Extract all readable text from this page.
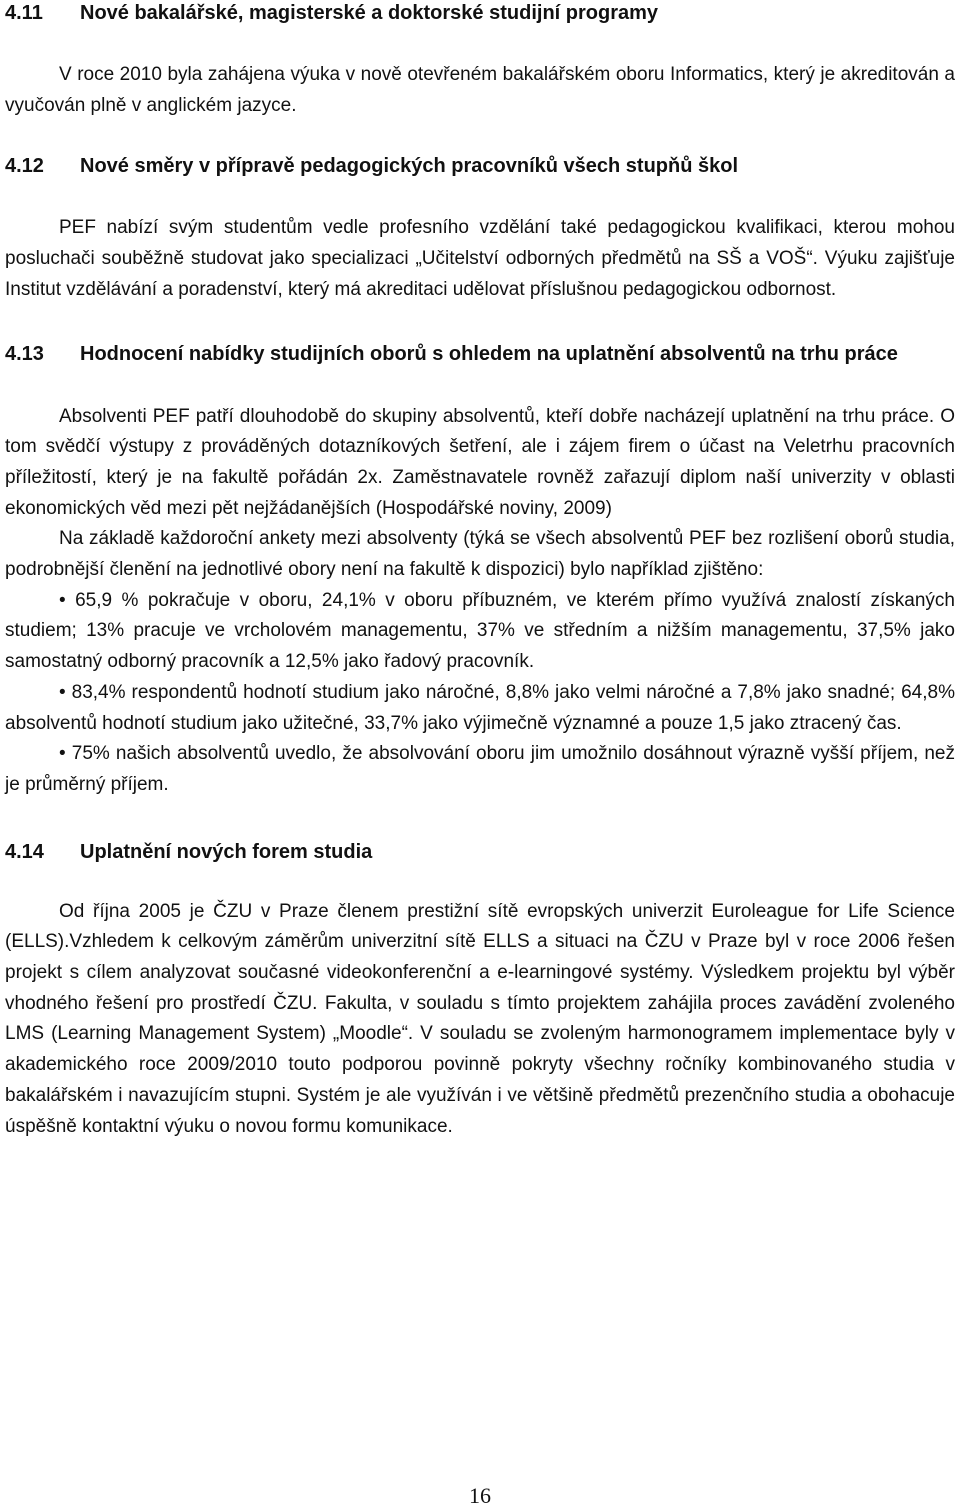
4.11 Nové bakalářské, magisterské a doktorské studijní programy

V roce 2010 byla zahájena výuka v nově otevřeném bakalářském oboru Informatics, který je akreditován a vyučován plně v anglickém jazyce.

4.12 Nové směry v přípravě pedagogických pracovníků všech stupňů škol

PEF nabízí svým studentům vedle profesního vzdělání také pedagogickou kvalifikaci, kterou mohou posluchači souběžně studovat jako specializaci „Učitelství odborných předmětů na SŠ a VOŠ“. Výuku zajišťuje Institut vzdělávání a poradenství, který má akreditaci udělovat příslušnou pedagogickou odbornost.

4.13 Hodnocení nabídky studijních oborů s ohledem na uplatnění absolventů na trhu práce

Absolventi PEF patří dlouhodobě do skupiny absolventů, kteří dobře nacházejí uplatnění na trhu práce. O tom svědčí výstupy z prováděných dotazníkových šetření, ale i zájem firem o účast na Veletrhu pracovních příležitostí, který je na fakultě pořádán 2x. Zaměstnavatele rovněž zařazují diplom naší univerzity v oblasti ekonomických věd mezi pět nejžádanějších (Hospodářské noviny, 2009)

Na základě každoroční ankety mezi absolventy (týká se všech absolventů PEF bez rozlišení oborů studia, podrobnější členění na jednotlivé obory není na fakultě k dispozici) bylo například zjištěno:

• 65,9 % pokračuje v oboru, 24,1% v oboru příbuzném, ve kterém přímo využívá znalostí získaných studiem; 13% pracuje ve vrcholovém managementu, 37% ve středním a nižším managementu, 37,5% jako samostatný odborný pracovník a 12,5% jako řadový pracovník.

• 83,4% respondentů hodnotí studium jako náročné, 8,8% jako velmi náročné a 7,8% jako snadné; 64,8% absolventů hodnotí studium jako užitečné, 33,7% jako výjimečně významné a pouze 1,5 jako ztracený čas.

• 75% našich absolventů uvedlo, že absolvování oboru jim umožnilo dosáhnout výrazně vyšší příjem, než je průměrný příjem.

4.14 Uplatnění nových forem studia

Od října 2005 je ČZU v Praze členem prestižní sítě evropských univerzit Euroleague for Life Science (ELLS).Vzhledem k celkovým záměrům univerzitní sítě ELLS a situaci na ČZU v Praze byl v roce 2006 řešen projekt s cílem analyzovat současné videokonferenční a e-learningové systémy. Výsledkem projektu byl výběr vhodného řešení pro prostředí ČZU. Fakulta, v souladu s tímto projektem zahájila proces zavádění zvoleného LMS (Learning Management System) „Moodle“. V souladu se zvoleným harmonogramem implementace byly v akademického roce 2009/2010 touto podporou povinně pokryty všechny ročníky kombinovaného studia v bakalářském i navazujícím stupni. Systém je ale využíván i ve většině předmětů prezenčního studia a obohacuje úspěšně kontaktní výuku o novou formu komunikace.

16
